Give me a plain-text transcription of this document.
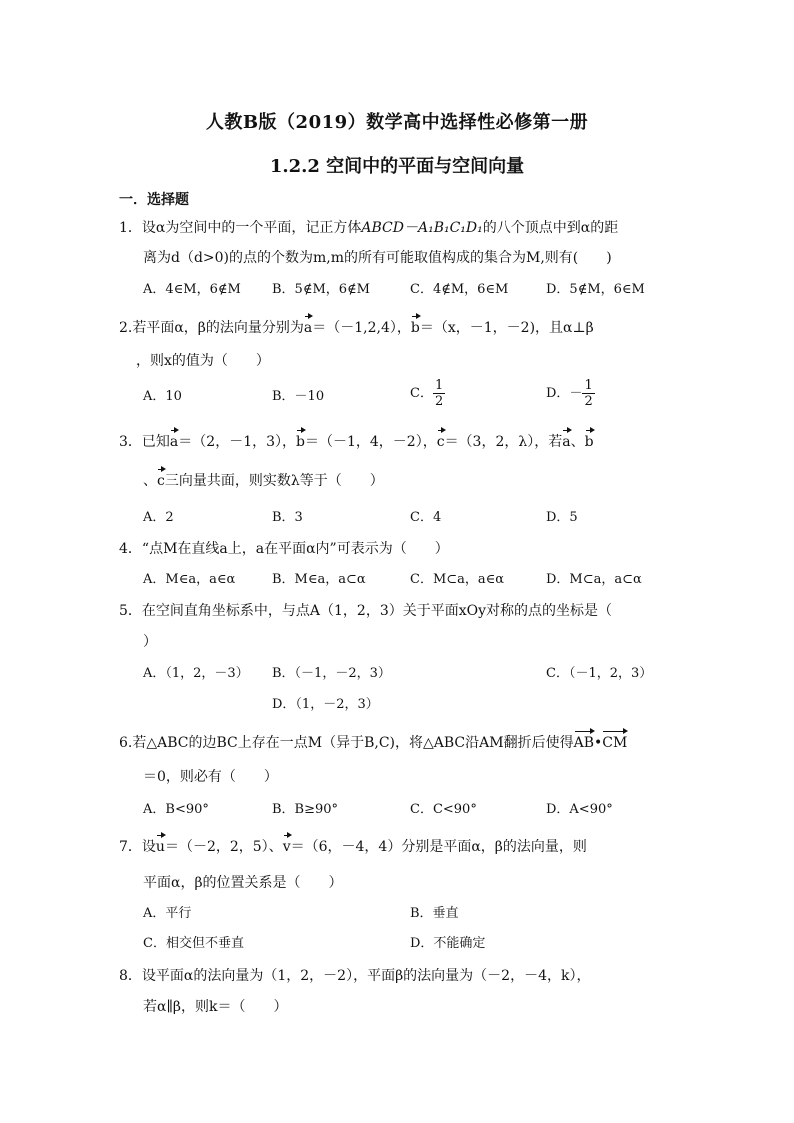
人教B版（2019）数学高中选择性必修第一册
1.2.2 空间中的平面与空间向量
一．选择题
1．设α为空间中的一个平面，记正方体ABCD－A₁B₁C₁D₁的八个顶点中到α的距
离为d（d>0)的点的个数为m,m的所有可能取值构成的集合为M,则有(　　)
A．4∈M，6∉M B．5∉M，6∉M	C．4∉M，6∈M	D．5∉M，6∈M
2.若平面α，β的法向量分别为a＝（－1,2,4），b＝（x，－1，－2)，且α⊥β
，则x的值为（　　）
A．10	B．－10	C． $\frac{1}{2}$	D．－ $\frac{1}{2}$
3．已知a＝（2，－1，3），b＝（－1，4，－2），c＝（3，2，λ），若a、b
、c三向量共面，则实数λ等于（　　）
A．2	B．3	C．4	D．5
4．“点M在直线a上，a在平面α内”可表示为（　　）
A．M∈a，a∈α	B．M∈a，a⊂α	C．M⊂a，a∈α	D．M⊂a，a⊂α
5．在空间直角坐标系中，与点A（1，2，3）关于平面xOy对称的点的坐标是（
）
A．（1，2，－3） B．（－1，－2，3）	C．（－1，2，3）
D．（1，－2，3）
6.若△ABC的边BC上存在一点M（异于B,C)，将△ABC沿AM翻折后使得AB•CM
＝0，则必有（　　）
A．B<90°	B．B≥90°	C．C<90°	D．A<90°
7．设u＝（－2，2，5）、v＝（6，－4，4）分别是平面α，β的法向量，则
平面α，β的位置关系是（　　）
A．平行	B．垂直
C．相交但不垂直	D．不能确定
8．设平面α的法向量为（1，2，－2），平面β的法向量为（－2，－4，k），
若α∥β，则k＝（　　）
